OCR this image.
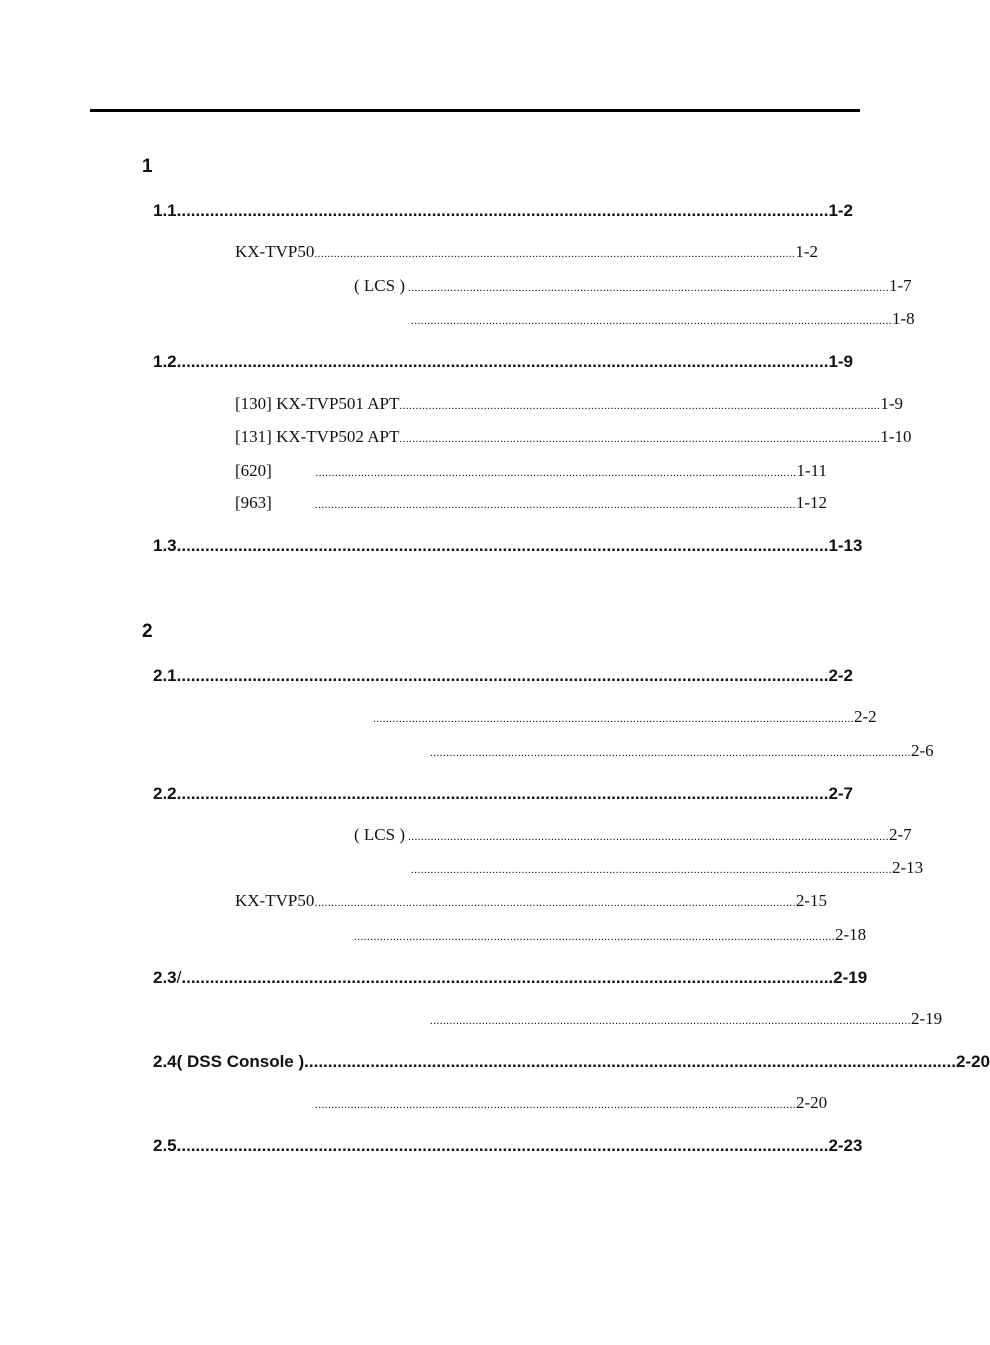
1
1.1 .......................................................................................................................................... 1-2
KX-TVP50 .................................................................................................................................................... 1-2
( LCS ) .................................................................................................................................................... 1-7
.................................................................................................................................................... 1-8
1.2 .......................................................................................................................................... 1-9
[130] KX-TVP50 1 APT .................................................................................................................................................... 1-9
[131] KX-TVP50 2 APT .................................................................................................................................................... 1-10
[620]	.................................................................................................................................................... 1-11
[963]	.................................................................................................................................................... 1-12
1.3 .......................................................................................................................................... 1-13
2
2.1 .......................................................................................................................................... 2-2
.................................................................................................................................................... 2-2
.................................................................................................................................................... 2-6
2.2 .......................................................................................................................................... 2-7
( LCS ) .................................................................................................................................................... 2-7
.................................................................................................................................................... 2-13
KX-TVP50 .................................................................................................................................................... 2-15
.................................................................................................................................................... 2-18
2.3 / .......................................................................................................................................... 2-19
.................................................................................................................................................... 2-19
2.4 ( DSS Console ) .......................................................................................................................................... 2-20
.................................................................................................................................................... 2-20
2.5 .......................................................................................................................................... 2-23
